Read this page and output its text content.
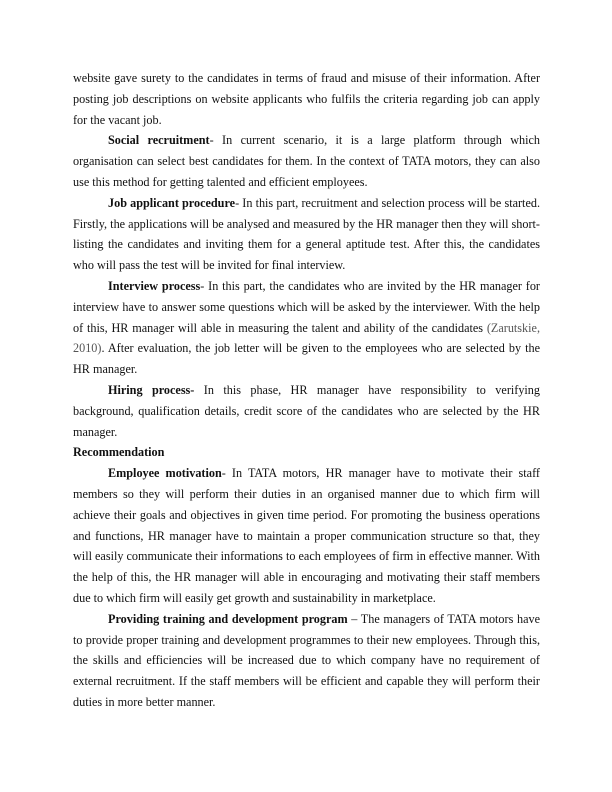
website gave surety to the candidates in terms of fraud and misuse of their information. After posting job descriptions on website applicants who fulfils the criteria regarding job can apply for the vacant job.

Social recruitment- In current scenario, it is a large platform through which organisation can select best candidates for them. In the context of TATA motors, they can also use this method for getting talented and efficient employees.

Job applicant procedure- In this part, recruitment and selection process will be started. Firstly, the applications will be analysed and measured by the HR manager then they will short-listing the candidates and inviting them for a general aptitude test. After this, the candidates who will pass the test will be invited for final interview.

Interview process- In this part, the candidates who are invited by the HR manager for interview have to answer some questions which will be asked by the interviewer. With the help of this, HR manager will able in measuring the talent and ability of the candidates (Zarutskie, 2010). After evaluation, the job letter will be given to the employees who are selected by the HR manager.

Hiring process- In this phase, HR manager have responsibility to verifying background, qualification details, credit score of the candidates who are selected by the HR manager.

Recommendation

Employee motivation- In TATA motors, HR manager have to motivate their staff members so they will perform their duties in an organised manner due to which firm will achieve their goals and objectives in given time period. For promoting the business operations and functions, HR manager have to maintain a proper communication structure so that, they will easily communicate their informations to each employees of firm in effective manner. With the help of this, the HR manager will able in encouraging and motivating their staff members due to which firm will easily get growth and sustainability in marketplace.

Providing training and development program – The managers of TATA motors have to provide proper training and development programmes to their new employees. Through this, the skills and efficiencies will be increased due to which company have no requirement of external recruitment. If the staff members will be efficient and capable they will perform their duties in more better manner.
